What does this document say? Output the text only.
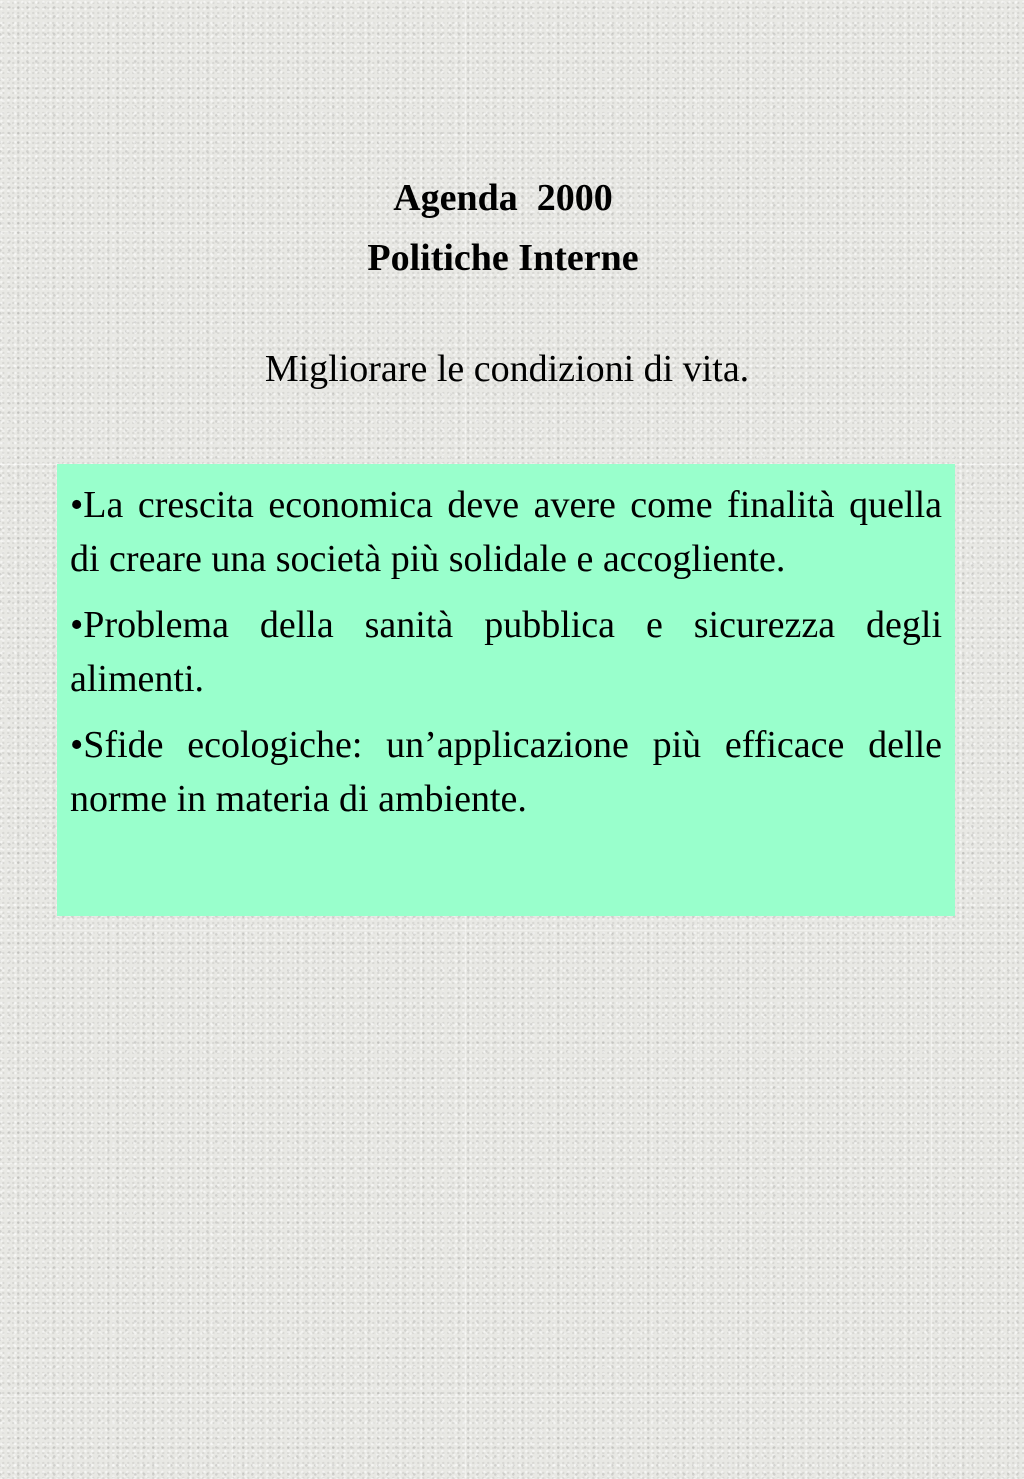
Agenda  2000
Politiche Interne
Migliorare le condizioni di vita.

•La crescita economica deve avere come finalità quella di creare una società più solidale e accogliente.

•Problema della sanità pubblica e sicurezza degli alimenti.

•Sfide ecologiche: un’applicazione più efficace delle norme in materia di ambiente.
